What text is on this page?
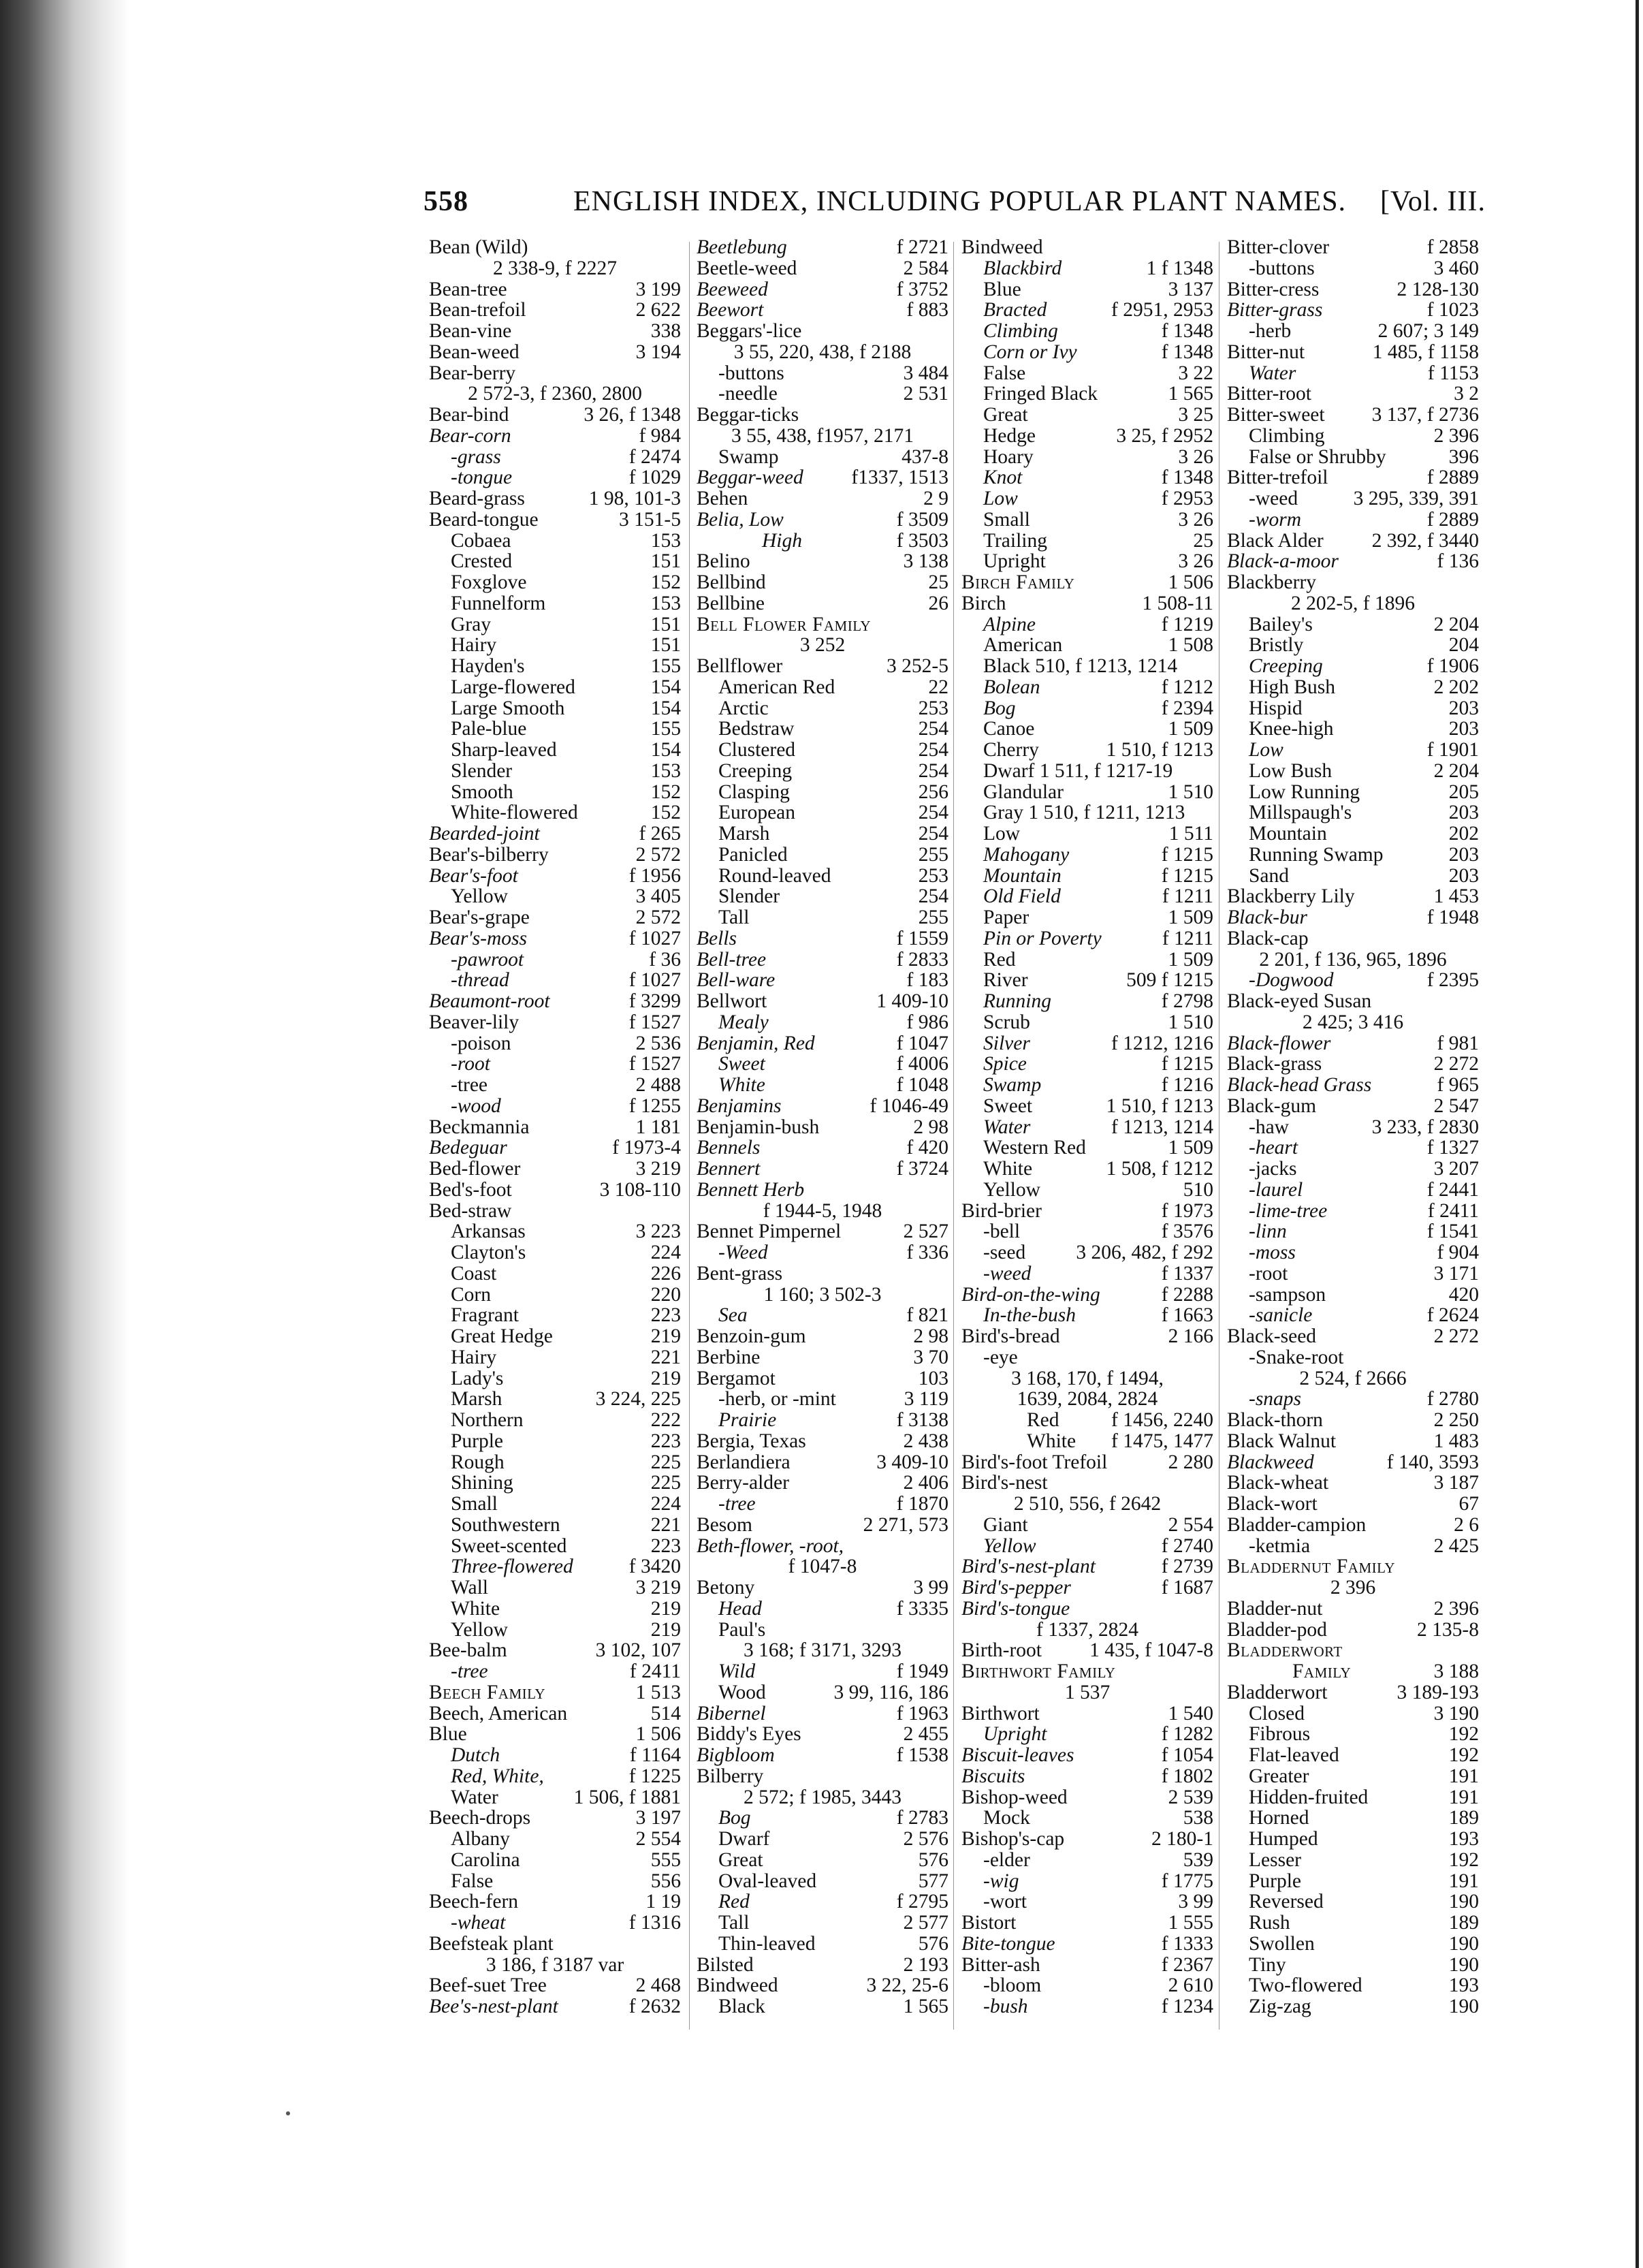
558	ENGLISH INDEX, INCLUDING POPULAR PLANT NAMES. [Vol. III.
Bean (Wild)
2 338-9, f 2227
Bean-tree	3 199
Bean-trefoil	2 622
Bean-vine	338
Bean-weed	3 194
Bear-berry
2 572-3, f 2360, 2800
Bear-bind	3 26, f 1348
Bear-corn	f 984
-grass	f 2474
-tongue	f 1029
Beard-grass	1 98, 101-3
Beard-tongue	3 151-5
Cobaea	153
Crested	151
Foxglove	152
Funnelform	153
Gray	151
Hairy	151
Hayden's	155
Large-flowered	154
Large Smooth	154
Pale-blue	155
Sharp-leaved	154
Slender	153
Smooth	152
White-flowered	152
Bearded-joint	f 265
Bear's-bilberry	2 572
Bear's-foot	f 1956
Yellow	3 405
Bear's-grape	2 572
Bear's-moss	f 1027
-pawroot	f 36
-thread	f 1027
Beaumont-root	f 3299
Beaver-lily	f 1527
-poison	2 536
-root	f 1527
-tree	2 488
-wood	f 1255
Beckmannia	1 181
Bedeguar	f 1973-4
Bed-flower	3 219
Bed's-foot	3 108-110
Bed-straw
Arkansas	3 223
Clayton's	224
Coast	226
Corn	220
Fragrant	223
Great Hedge	219
Hairy	221
Lady's	219
Marsh	3 224, 225
Northern	222
Purple	223
Rough	225
Shining	225
Small	224
Southwestern	221
Sweet-scented	223
Three-flowered	f 3420
Wall	3 219
White	219
Yellow	219
Bee-balm	3 102, 107
-tree	f 2411
Beech Family	1 513
Beech, American	514
Blue	1 506
Dutch	f 1164
Red, White,	f 1225
Water	1 506, f 1881
Beech-drops	3 197
Albany	2 554
Carolina	555
False	556
Beech-fern	1 19
-wheat	f 1316
Beefsteak plant
3 186, f 3187 var
Beef-suet Tree	2 468
Bee's-nest-plant	f 2632
Beetlebung	f 2721
Beetle-weed	2 584
Beeweed	f 3752
Beewort	f 883
Beggars'-lice
3 55, 220, 438, f 2188
-buttons	3 484
-needle	2 531
Beggar-ticks
3 55, 438, f1957, 2171
Swamp	437-8
Beggar-weed f1337, 1513
Behen	2 9
Belia, Low	f 3509
High	f 3503
Belino	3 138
Bellbind	25
Bellbine	26
Bell Flower Family
3 252
Bellflower	3 252-5
American Red	22
Arctic	253
Bedstraw	254
Clustered	254
Creeping	254
Clasping	256
European	254
Marsh	254
Panicled	255
Round-leaved	253
Slender	254
Tall	255
Bells	f 1559
Bell-tree	f 2833
Bell-ware	f 183
Bellwort	1 409-10
Mealy	f 986
Benjamin, Red	f 1047
Sweet	f 4006
White	f 1048
Benjamins	f 1046-49
Benjamin-bush	2 98
Bennels	f 420
Bennert	f 3724
Bennett Herb
f 1944-5, 1948
Bennet Pimpernel	2 527
-Weed	f 336
Bent-grass
1 160; 3 502-3
Sea	f 821
Benzoin-gum	2 98
Berbine	3 70
Bergamot	103
-herb, or -mint	3 119
Prairie	f 3138
Bergia, Texas	2 438
Berlandiera	3 409-10
Berry-alder	2 406
-tree	f 1870
Besom	2 271, 573
Beth-flower, -root,
f 1047-8
Betony	3 99
Head	f 3335
Paul's
3 168; f 3171, 3293
Wild	f 1949
Wood	3 99, 116, 186
Bibernel	f 1963
Biddy's Eyes	2 455
Bigbloom	f 1538
Bilberry
2 572; f 1985, 3443
Bog	f 2783
Dwarf	2 576
Great	576
Oval-leaved	577
Red	f 2795
Tall	2 577
Thin-leaved	576
Bilsted	2 193
Bindweed	3 22, 25-6
Black	1 565
Bindweed
Blackbird	1 f 1348
Blue	3 137
Bracted	f 2951, 2953
Climbing	f 1348
Corn or Ivy	f 1348
False	3 22
Fringed Black	1 565
Great	3 25
Hedge	3 25, f 2952
Hoary	3 26
Knot	f 1348
Low	f 2953
Small	3 26
Trailing	25
Upright	3 26
Birch Family	1 506
Birch	1 508-11
Alpine	f 1219
American	1 508
Black 510, f 1213, 1214
Bolean	f 1212
Bog	f 2394
Canoe	1 509
Cherry	1 510, f 1213
Dwarf 1 511, f 1217-19
Glandular	1 510
Gray 1 510, f 1211, 1213
Low	1 511
Mahogany	f 1215
Mountain	f 1215
Old Field	f 1211
Paper	1 509
Pin or Poverty	f 1211
Red	1 509
River	509 f 1215
Running	f 2798
Scrub	1 510
Silver	f 1212, 1216
Spice	f 1215
Swamp	f 1216
Sweet	1 510, f 1213
Water	f 1213, 1214
Western Red	1 509
White	1 508, f 1212
Yellow	510
Bird-brier	f 1973
-bell	f 3576
-seed	3 206, 482, f 292
-weed	f 1337
Bird-on-the-wing	f 2288
In-the-bush	f 1663
Bird's-bread	2 166
-eye
3 168, 170, f 1494,
1639, 2084, 2824
Red	f 1456, 2240
White f 1475, 1477
Bird's-foot Trefoil	2 280
Bird's-nest
2 510, 556, f 2642
Giant	2 554
Yellow	f 2740
Bird's-nest-plant	f 2739
Bird's-pepper	f 1687
Bird's-tongue
f 1337, 2824
Birth-root 1 435, f 1047-8
Birthwort Family
1 537
Birthwort	1 540
Upright	f 1282
Biscuit-leaves	f 1054
Biscuits	f 1802
Bishop-weed	2 539
Mock	538
Bishop's-cap	2 180-1
-elder	539
-wig	f 1775
-wort	3 99
Bistort	1 555
Bite-tongue	f 1333
Bitter-ash	f 2367
-bloom	2 610
-bush	f 1234
Bitter-clover	f 2858
-buttons	3 460
Bitter-cress	2 128-130
Bitter-grass	f 1023
-herb	2 607; 3 149
Bitter-nut	1 485, f 1158
Water	f 1153
Bitter-root	3 2
Bitter-sweet 3 137, f 2736
Climbing	2 396
False or Shrubby	396
Bitter-trefoil	f 2889
-weed	3 295, 339, 391
-worm	f 2889
Black Alder 2 392, f 3440
Black-a-moor	f 136
Blackberry
2 202-5, f 1896
Bailey's	2 204
Bristly	204
Creeping	f 1906
High Bush	2 202
Hispid	203
Knee-high	203
Low	f 1901
Low Bush	2 204
Low Running	205
Millspaugh's	203
Mountain	202
Running Swamp	203
Sand	203
Blackberry Lily	1 453
Black-bur	f 1948
Black-cap
2 201, f 136, 965, 1896
-Dogwood	f 2395
Black-eyed Susan
2 425; 3 416
Black-flower	f 981
Black-grass	2 272
Black-head Grass	f 965
Black-gum	2 547
-haw	3 233, f 2830
-heart	f 1327
-jacks	3 207
-laurel	f 2441
-lime-tree	f 2411
-linn	f 1541
-moss	f 904
-root	3 171
-sampson	420
-sanicle	f 2624
Black-seed	2 272
-Snake-root
2 524, f 2666
-snaps	f 2780
Black-thorn	2 250
Black Walnut	1 483
Blackweed	f 140, 3593
Black-wheat	3 187
Black-wort	67
Bladder-campion	2 6
-ketmia	2 425
Bladdernut Family
2 396
Bladder-nut	2 396
Bladder-pod	2 135-8
Bladderwort
Family	3 188
Bladderwort	3 189-193
Closed	3 190
Fibrous	192
Flat-leaved	192
Greater	191
Hidden-fruited	191
Horned	189
Humped	193
Lesser	192
Purple	191
Reversed	190
Rush	189
Swollen	190
Tiny	190
Two-flowered	193
Zig-zag	190
